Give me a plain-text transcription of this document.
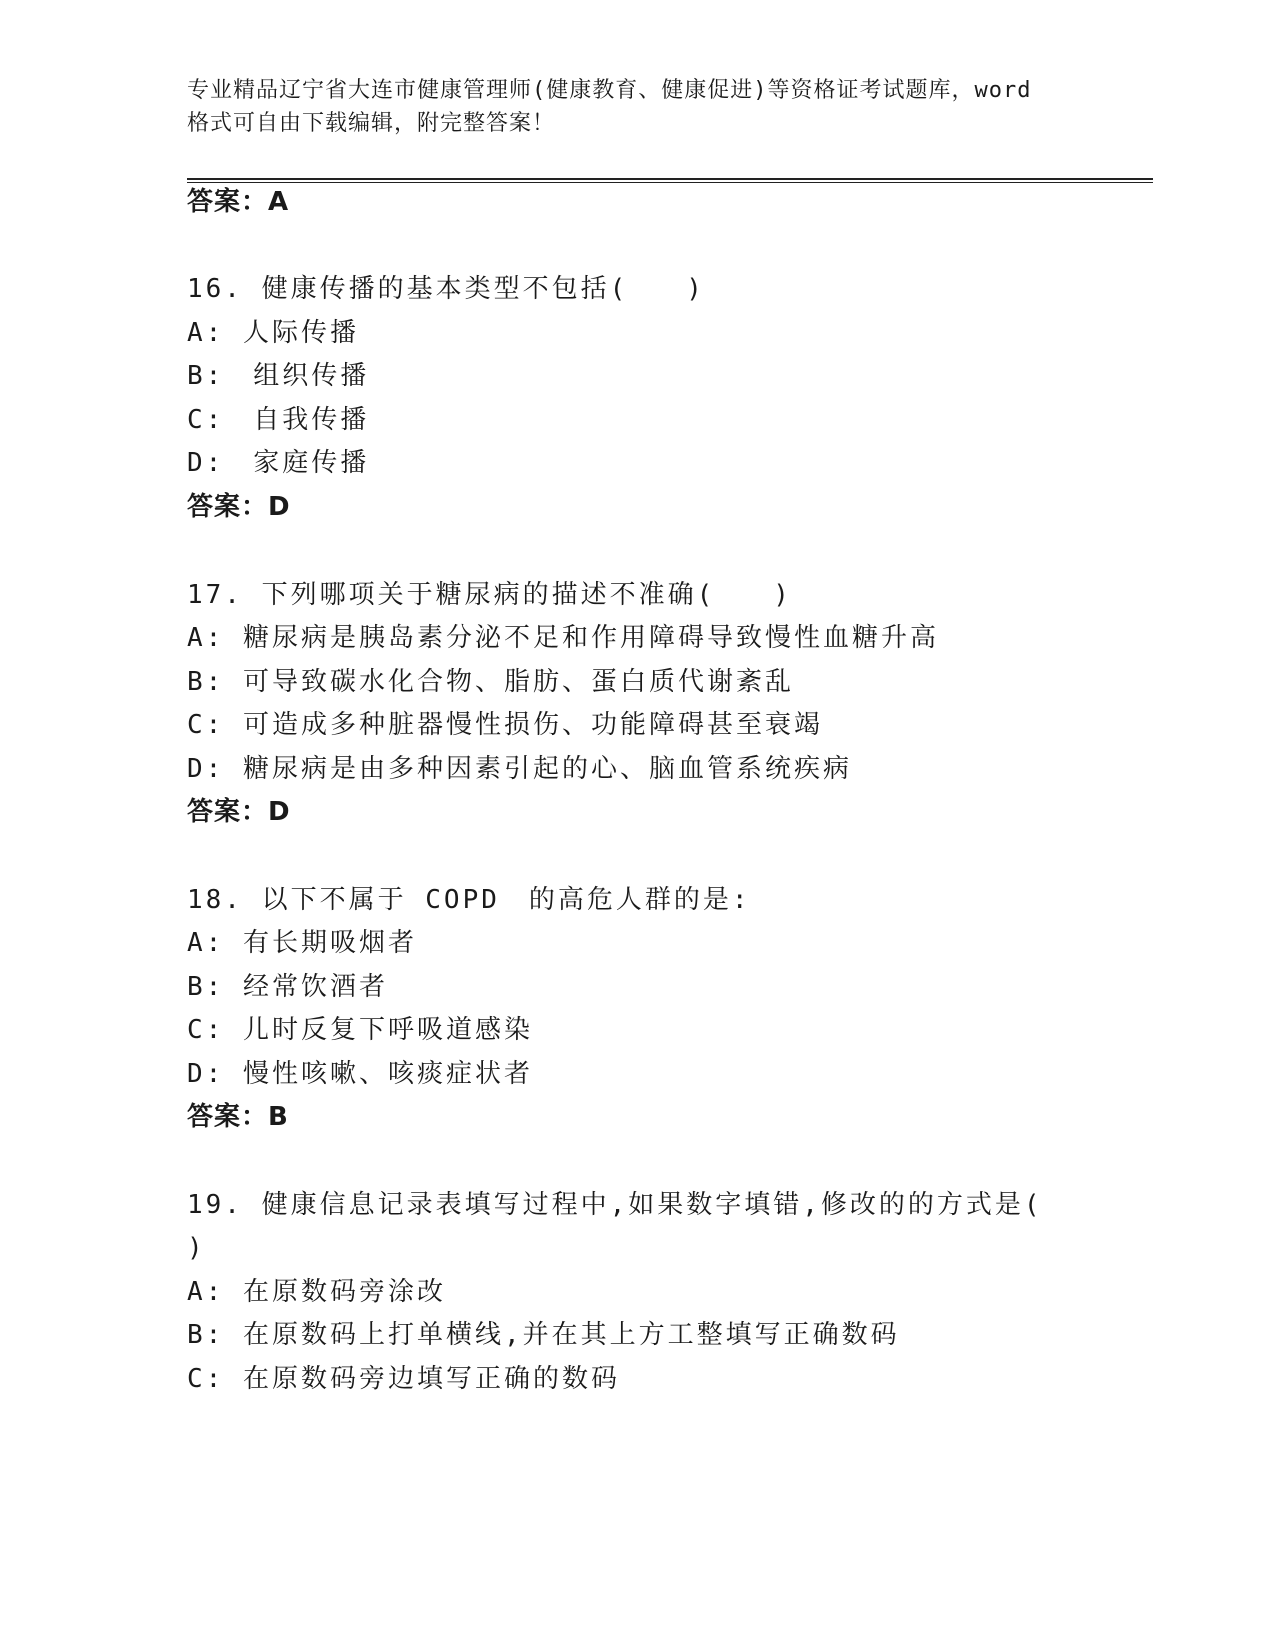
专业精品辽宁省大连市健康管理师(健康教育、健康促进)等资格证考试题库，word
格式可自由下载编辑，附完整答案！
答案：A
16. 健康传播的基本类型不包括(　　)
A: 人际传播
B:　组织传播
C:　自我传播
D:　家庭传播
答案：D
17. 下列哪项关于糖尿病的描述不准确(　　)
A: 糖尿病是胰岛素分泌不足和作用障碍导致慢性血糖升高
B: 可导致碳水化合物、脂肪、蛋白质代谢紊乱
C: 可造成多种脏器慢性损伤、功能障碍甚至衰竭
D: 糖尿病是由多种因素引起的心、脑血管系统疾病
答案：D
18. 以下不属于 COPD　的高危人群的是:
A: 有长期吸烟者
B: 经常饮酒者
C: 儿时反复下呼吸道感染
D: 慢性咳嗽、咳痰症状者
答案：B
19. 健康信息记录表填写过程中,如果数字填错,修改的的方式是(
)
A: 在原数码旁涂改
B: 在原数码上打单横线,并在其上方工整填写正确数码
C: 在原数码旁边填写正确的数码
